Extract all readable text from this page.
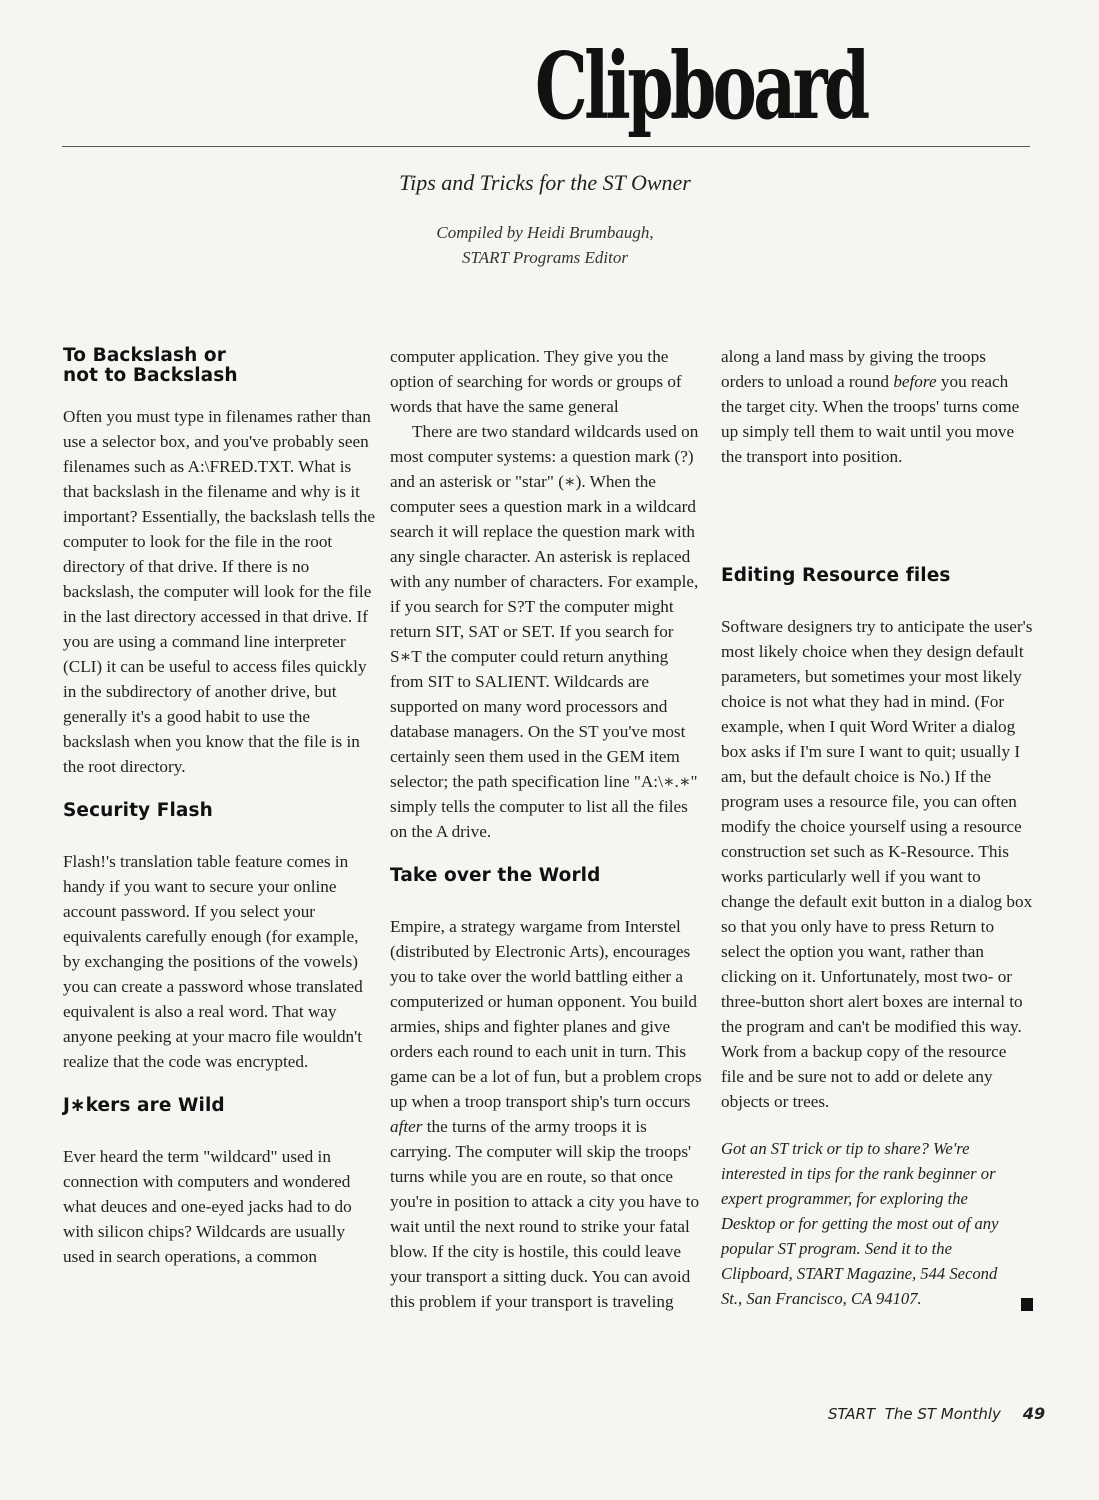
Clipboard
Tips and Tricks for the ST Owner
Compiled by Heidi Brumbaugh,
START Programs Editor
To Backslash or
not to Backslash

Often you must type in filenames rather than use a selector box, and you've probably seen filenames such as A:\FRED.TXT. What is that backslash in the filename and why is it important? Essentially, the backslash tells the computer to look for the file in the root directory of that drive. If there is no backslash, the computer will look for the file in the last directory accessed in that drive. If you are using a command line interpreter (CLI) it can be useful to access files quickly in the subdirectory of another drive, but generally it's a good habit to use the backslash when you know that the file is in the root directory.

Security Flash

Flash!'s translation table feature comes in handy if you want to secure your online account password. If you select your equivalents carefully enough (for example, by exchanging the positions of the vowels) you can create a password whose translated equivalent is also a real word. That way anyone peeking at your macro file wouldn't realize that the code was encrypted.

J∗kers are Wild

Ever heard the term "wildcard" used in connection with computers and wondered what deuces and one-eyed jacks had to do with silicon chips? Wildcards are usually used in search operations, a common

computer application. They give you the option of searching for words or groups of words that have the same general

There are two standard wildcards used on most computer systems: a question mark (?) and an asterisk or "star" (∗). When the computer sees a question mark in a wildcard search it will replace the question mark with any single character. An asterisk is replaced with any number of characters. For example, if you search for S?T the computer might return SIT, SAT or SET. If you search for S∗T the computer could return anything from SIT to SALIENT. Wildcards are supported on many word processors and database managers. On the ST you've most certainly seen them used in the GEM item selector; the path specification line "A:\∗.∗" simply tells the computer to list all the files on the A drive.

Take over the World

Empire, a strategy wargame from Interstel (distributed by Electronic Arts), encourages you to take over the world battling either a computerized or human opponent. You build armies, ships and fighter planes and give orders each round to each unit in turn. This game can be a lot of fun, but a problem crops up when a troop transport ship's turn occurs after the turns of the army troops it is carrying. The computer will skip the troops' turns while you are en route, so that once you're in position to attack a city you have to wait until the next round to strike your fatal blow. If the city is hostile, this could leave your transport a sitting duck. You can avoid this problem if your transport is traveling

along a land mass by giving the troops orders to unload a round before you reach the target city. When the troops' turns come up simply tell them to wait until you move the transport into position.

Editing Resource files

Software designers try to anticipate the user's most likely choice when they design default parameters, but sometimes your most likely choice is not what they had in mind. (For example, when I quit Word Writer a dialog box asks if I'm sure I want to quit; usually I am, but the default choice is No.) If the program uses a resource file, you can often modify the choice yourself using a resource construction set such as K-Resource. This works particularly well if you want to change the default exit button in a dialog box so that you only have to press Return to select the option you want, rather than clicking on it. Unfortunately, most two- or three-button short alert boxes are internal to the program and can't be modified this way. Work from a backup copy of the resource file and be sure not to add or delete any objects or trees.

Got an ST trick or tip to share? We're interested in tips for the rank beginner or expert programmer, for exploring the Desktop or for getting the most out of any popular ST program. Send it to the Clipboard, START Magazine, 544 Second St., San Francisco, CA 94107.

START  The ST Monthly 49
